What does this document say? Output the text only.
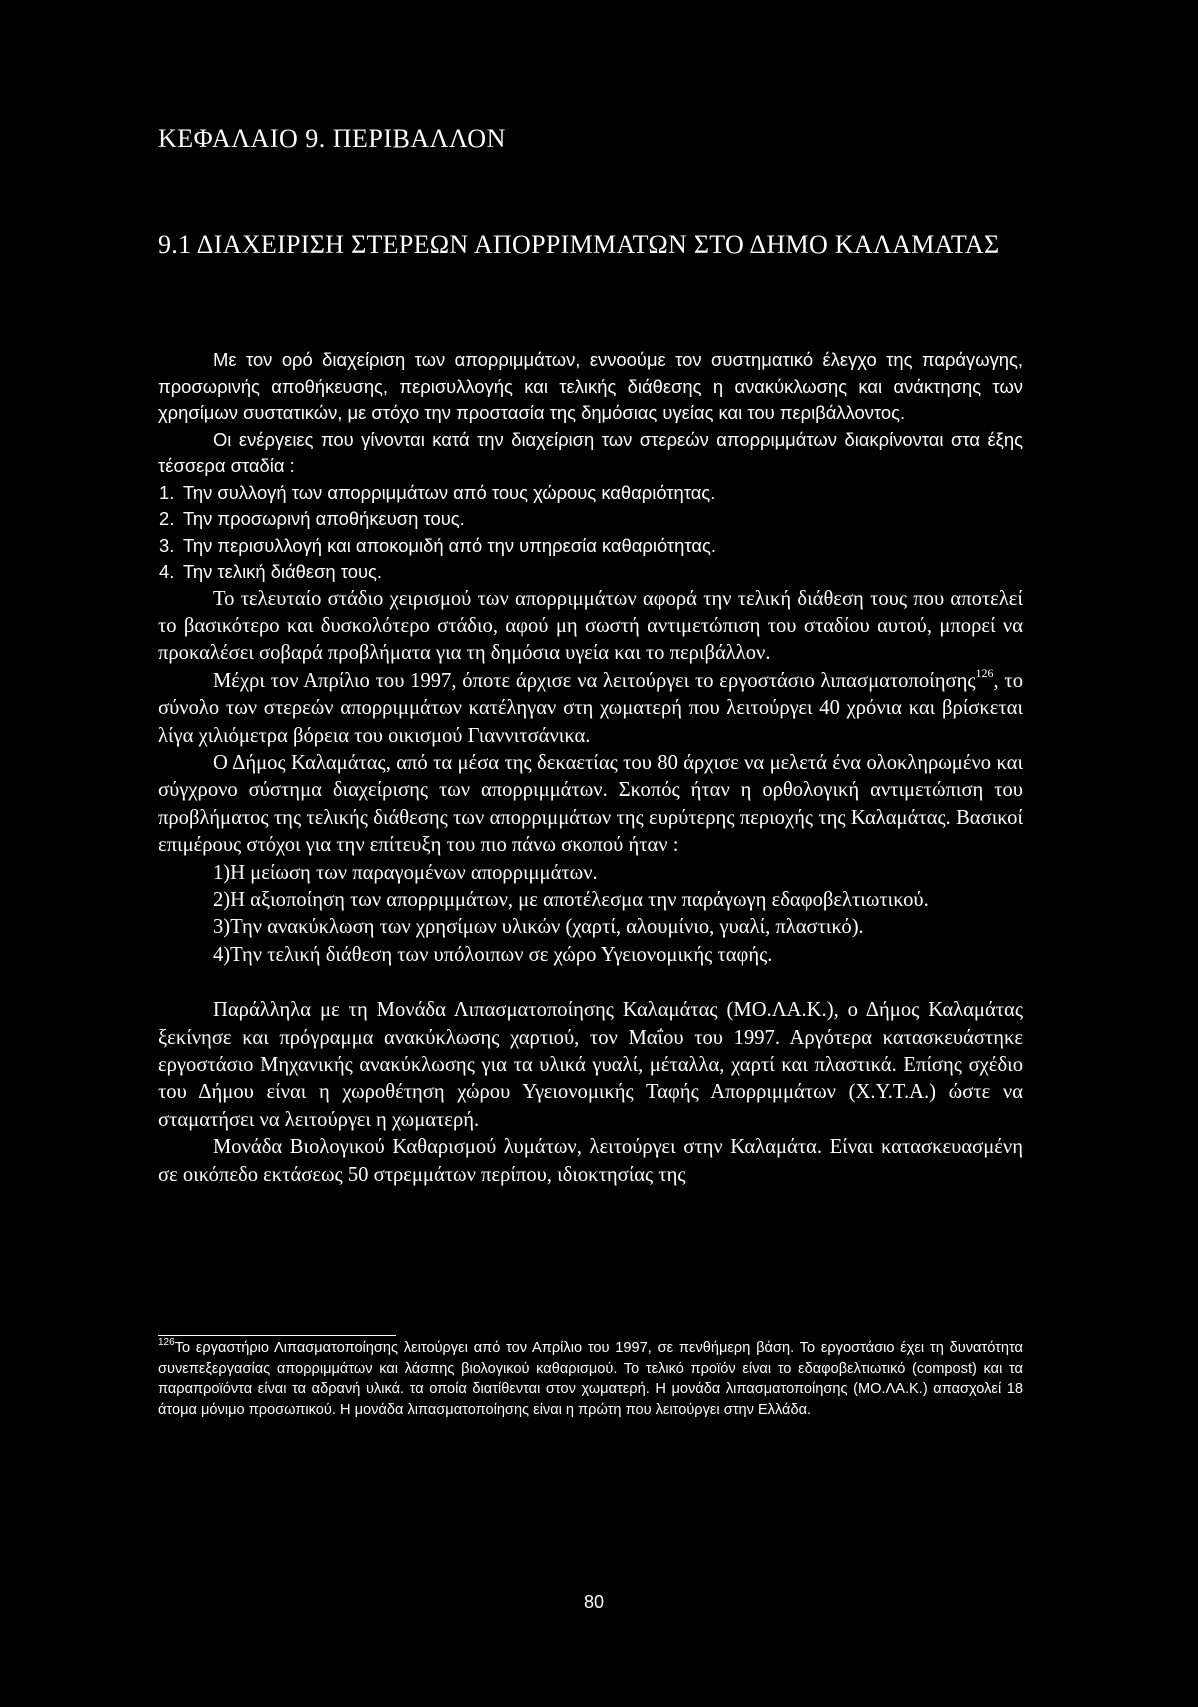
ΚΕΦΑΛΑΙΟ 9. ΠΕΡΙΒΑΛΛΟΝ
9.1 ΔΙΑΧΕΙΡΙΣΗ ΣΤΕΡΕΩΝ ΑΠΟΡΡΙΜΜΑΤΩΝ ΣΤΟ ΔΗΜΟ ΚΑΛΑΜΑΤΑΣ

Με τον ορό διαχείριση των απορριμμάτων, εννοούμε τον συστηματικό έλεγχο της παράγωγης, προσωρινής αποθήκευσης, περισυλλογής και τελικής διάθεσης η ανακύκλωσης και ανάκτησης των χρησίμων συστατικών, με στόχο την προστασία της δημόσιας υγείας και του περιβάλλοντος.

Οι ενέργειες που γίνονται κατά την διαχείριση των στερεών απορριμμάτων διακρίνονται στα έξης τέσσερα σταδία :

1. Την συλλογή των απορριμμάτων από τους χώρους καθαριότητας.

2. Την προσωρινή αποθήκευση τους.

3. Την περισυλλογή και αποκομιδή από την υπηρεσία καθαριότητας.

4. Την τελική διάθεση τους.

Το τελευταίο στάδιο χειρισμού των απορριμμάτων αφορά την τελική διάθεση τους που αποτελεί το βασικότερο και δυσκολότερο στάδιο, αφού μη σωστή αντιμετώπιση του σταδίου αυτού, μπορεί να προκαλέσει σοβαρά προβλήματα για τη δημόσια υγεία και το περιβάλλον.

Μέχρι τον Απρίλιο του 1997, όποτε άρχισε να λειτούργει το εργοστάσιο λιπασματοποίησης$^{126}$, το σύνολο των στερεών απορριμμάτων κατέληγαν στη χωματερή που λειτούργει 40 χρόνια και βρίσκεται λίγα χιλιόμετρα βόρεια του οικισμού Γιαννιτσάνικα.

Ο Δήμος Καλαμάτας, από τα μέσα της δεκαετίας του 80 άρχισε να μελετά ένα ολοκληρωμένο και σύγχρονο σύστημα διαχείρισης των απορριμμάτων. Σκοπός ήταν η ορθολογική αντιμετώπιση του προβλήματος της τελικής διάθεσης των απορριμμάτων της ευρύτερης περιοχής της Καλαμάτας. Βασικοί επιμέρους στόχοι για την επίτευξη του πιο πάνω σκοπού ήταν :

1)Η μείωση των παραγομένων απορριμμάτων.

2)Η αξιοποίηση των απορριμμάτων, με αποτέλεσμα την παράγωγη εδαφοβελτιωτικού.

3)Την ανακύκλωση των χρησίμων υλικών (χαρτί, αλουμίνιο, γυαλί, πλαστικό).

4)Την τελική διάθεση των υπόλοιπων σε χώρο Υγειονομικής ταφής.

Παράλληλα με τη Μονάδα Λιπασματοποίησης Καλαμάτας (ΜΟ.ΛΑ.Κ.), ο Δήμος Καλαμάτας ξεκίνησε και πρόγραμμα ανακύκλωσης χαρτιού, τον Μαΐου του 1997. Αργότερα κατασκευάστηκε εργοστάσιο Μηχανικής ανακύκλωσης για τα υλικά γυαλί, μέταλλα, χαρτί και πλαστικά. Επίσης σχέδιο του Δήμου είναι η χωροθέτηση χώρου Υγειονομικής Ταφής Απορριμμάτων (Χ.Υ.Τ.Α.) ώστε να σταματήσει να λειτούργει η χωματερή.

Μονάδα Βιολογικού Καθαρισμού λυμάτων, λειτούργει στην Καλαμάτα. Είναι κατασκευασμένη σε οικόπεδο εκτάσεως 50 στρεμμάτων περίπου, ιδιοκτησίας της

$^{126}$Το εργαστήριο Λιπασματοποίησης λειτούργει από τον Απρίλιο του 1997, σε πενθήμερη βάση. Το εργοστάσιο έχει τη δυνατότητα συνεπεξεργασίας απορριμμάτων και λάσπης βιολογικού καθαρισμού. Το τελικό προϊόν είναι το εδαφοβελτιωτικό (compost) και τα παραπροϊόντα είναι τα αδρανή υλικά. τα οποία διατίθενται στον χωματερή. Η μονάδα λιπασματοποίησης (ΜΟ.ΛΑ.Κ.) απασχολεί 18 άτομα μόνιμο προσωπικού. Η μονάδα λιπασματοποίησης είναι η πρώτη που λειτούργει στην Ελλάδα.
80
